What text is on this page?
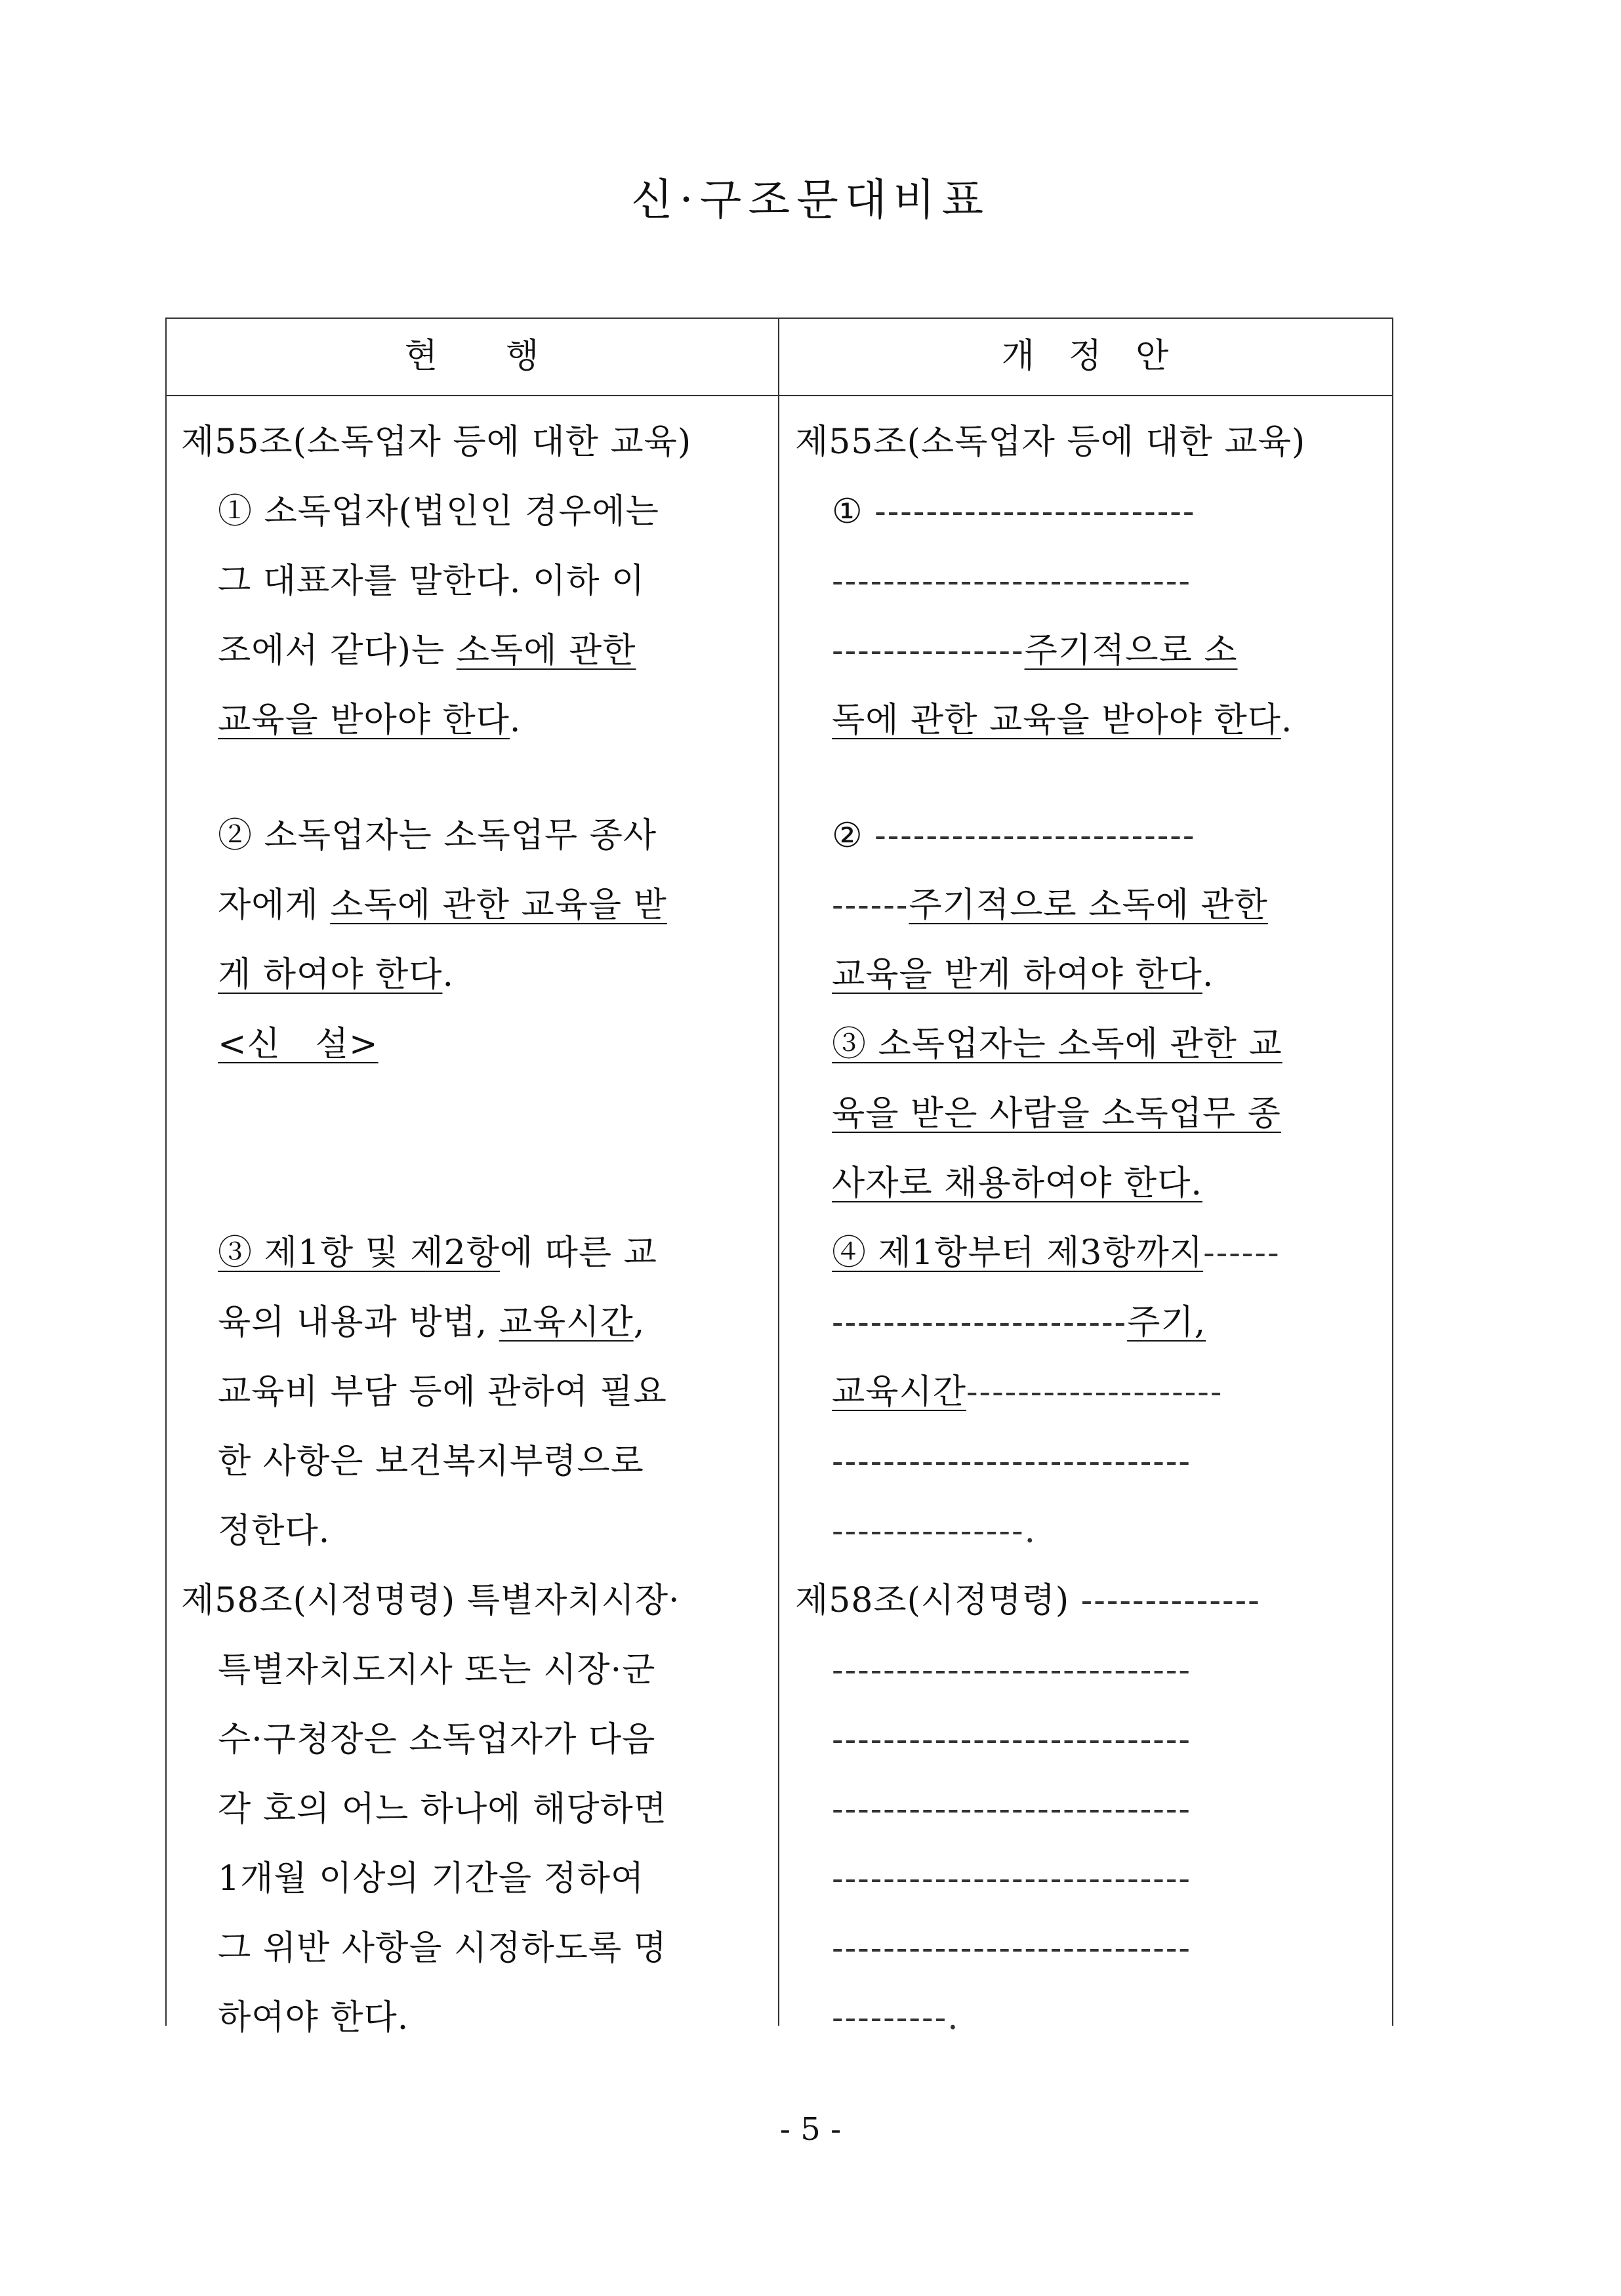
신·구조문대비표
현　　행	개　정　안
제55조(소독업자 등에 대한 교육)
① 소독업자(법인인 경우에는
그 대표자를 말한다. 이하 이
조에서 같다)는 소독에 관한
교육을 받아야 한다.
② 소독업자는 소독업무 종사
자에게 소독에 관한 교육을 받
게 하여야 한다.
<신　설>
③ 제1항 및 제2항에 따른 교
육의 내용과 방법, 교육시간,
교육비 부담 등에 관하여 필요
한 사항은 보건복지부령으로
정한다.
제58조(시정명령) 특별자치시장·
특별자치도지사 또는 시장·군
수·구청장은 소독업자가 다음
각 호의 어느 하나에 해당하면
1개월 이상의 기간을 정하여
그 위반 사항을 시정하도록 명
하여야 한다.
제55조(소독업자 등에 대한 교육)
① -------------------------
----------------------------
---------------주기적으로 소
독에 관한 교육을 받아야 한다.
② -------------------------
------주기적으로 소독에 관한
교육을 받게 하여야 한다.
③ 소독업자는 소독에 관한 교
육을 받은 사람을 소독업무 종
사자로 채용하여야 한다.
④ 제1항부터 제3항까지------
-----------------------주기,
교육시간--------------------
----------------------------
---------------.
제58조(시정명령) --------------
----------------------------
----------------------------
----------------------------
----------------------------
----------------------------
---------.
- 5 -
